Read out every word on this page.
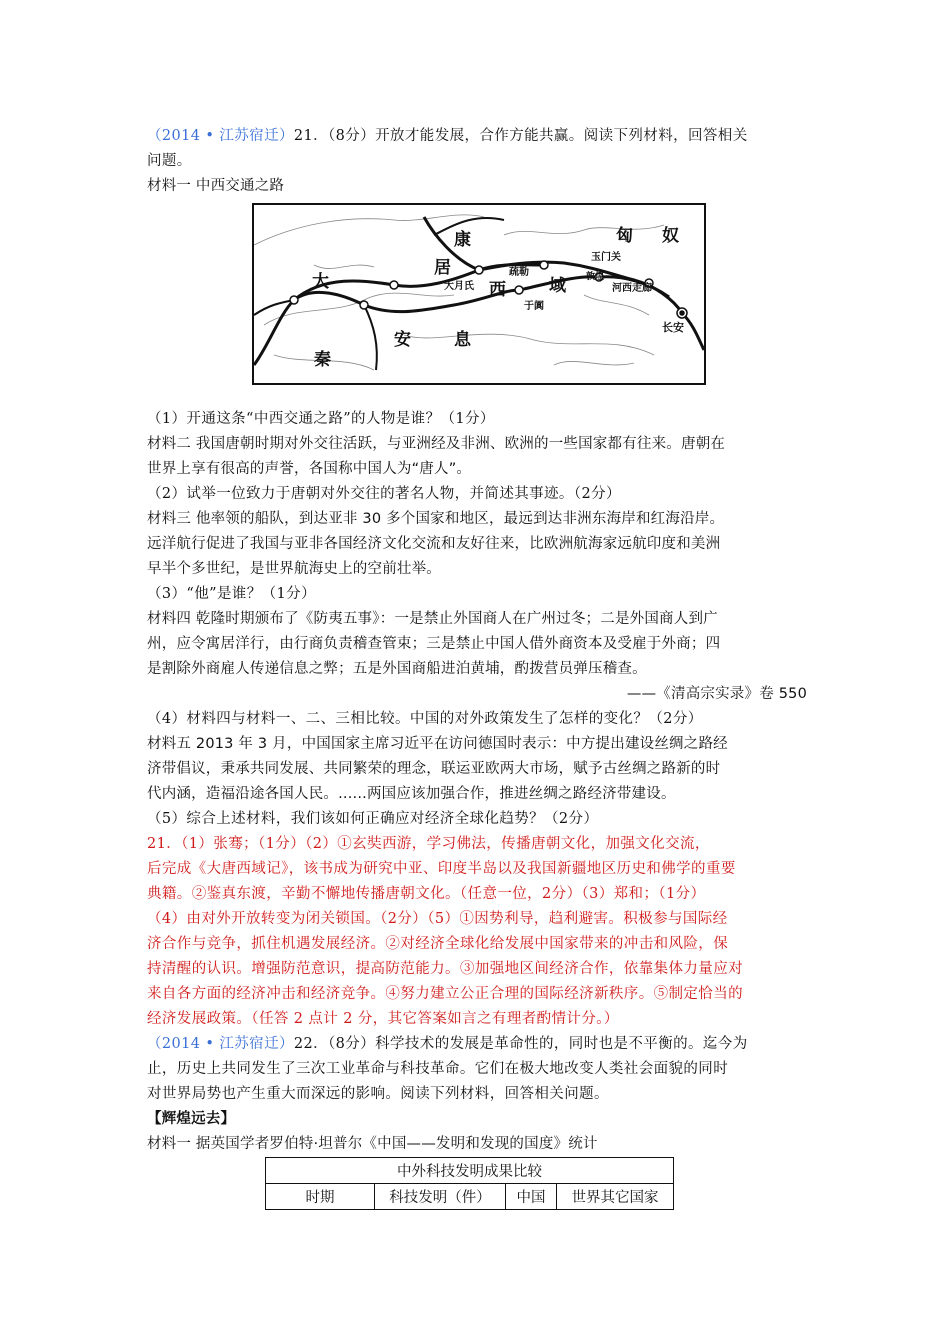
（2014 • 江苏宿迁）21．（8分）开放才能发展，合作方能共赢。阅读下列材料，回答相关
问题。
材料一 中西交通之路
匈 奴
康
居
大	大月氏 西
疏勒
域
玉门关
敦煌
河西走廊
于阗
秦
安	息
长安
（1）开通这条“中西交通之路”的人物是谁？（1分）
材料二 我国唐朝时期对外交往活跃，与亚洲经及非洲、欧洲的一些国家都有往来。唐朝在
世界上享有很高的声誉，各国称中国人为“唐人”。
（2）试举一位致力于唐朝对外交往的著名人物，并简述其事迹。（2分）
材料三 他率领的船队，到达亚非 30 多个国家和地区，最远到达非洲东海岸和红海沿岸。
远洋航行促进了我国与亚非各国经济文化交流和友好往来，比欧洲航海家远航印度和美洲
早半个多世纪，是世界航海史上的空前壮举。
（3）“他”是谁？（1分）
材料四 乾隆时期颁布了《防夷五事》：一是禁止外国商人在广州过冬；二是外国商人到广
州，应令寓居洋行，由行商负责稽查管束；三是禁止中国人借外商资本及受雇于外商；四
是割除外商雇人传递信息之弊；五是外国商船进泊黄埔，酌拨营员弹压稽查。
——《清高宗实录》卷 550
（4）材料四与材料一、二、三相比较。中国的对外政策发生了怎样的变化？（2分）
材料五 2013 年 3 月，中国国家主席习近平在访问德国时表示：中方提出建设丝绸之路经
济带倡议，秉承共同发展、共同繁荣的理念，联运亚欧两大市场，赋予古丝绸之路新的时
代内涵，造福沿途各国人民。......两国应该加强合作，推进丝绸之路经济带建设。
（5）综合上述材料，我们该如何正确应对经济全球化趋势？（2分）
21．（1）张骞；（1分）（2）①玄奘西游，学习佛法，传播唐朝文化，加强文化交流，
后完成《大唐西域记》，该书成为研究中亚、印度半岛以及我国新疆地区历史和佛学的重要
典籍。②鉴真东渡，辛勤不懈地传播唐朝文化。（任意一位，2分）（3）郑和；（1分）
（4）由对外开放转变为闭关锁国。（2分）（5）①因势利导，趋利避害。积极参与国际经
济合作与竞争，抓住机遇发展经济。②对经济全球化给发展中国家带来的冲击和风险，保
持清醒的认识。增强防范意识，提高防范能力。③加强地区间经济合作，依靠集体力量应对
来自各方面的经济冲击和经济竞争。④努力建立公正合理的国际经济新秩序。⑤制定恰当的
经济发展政策。（任答 2 点计 2 分，其它答案如言之有理者酌情计分。）
（2014 • 江苏宿迁）22．（8分）科学技术的发展是革命性的，同时也是不平衡的。迄今为
止，历史上共同发生了三次工业革命与科技革命。它们在极大地改变人类社会面貌的同时
对世界局势也产生重大而深远的影响。阅读下列材料，回答相关问题。
【辉煌远去】
材料一 据英国学者罗伯特·坦普尔《中国——发明和发现的国度》统计
中外科技发明成果比较
时期	科技发明（件）	中国	世界其它国家
